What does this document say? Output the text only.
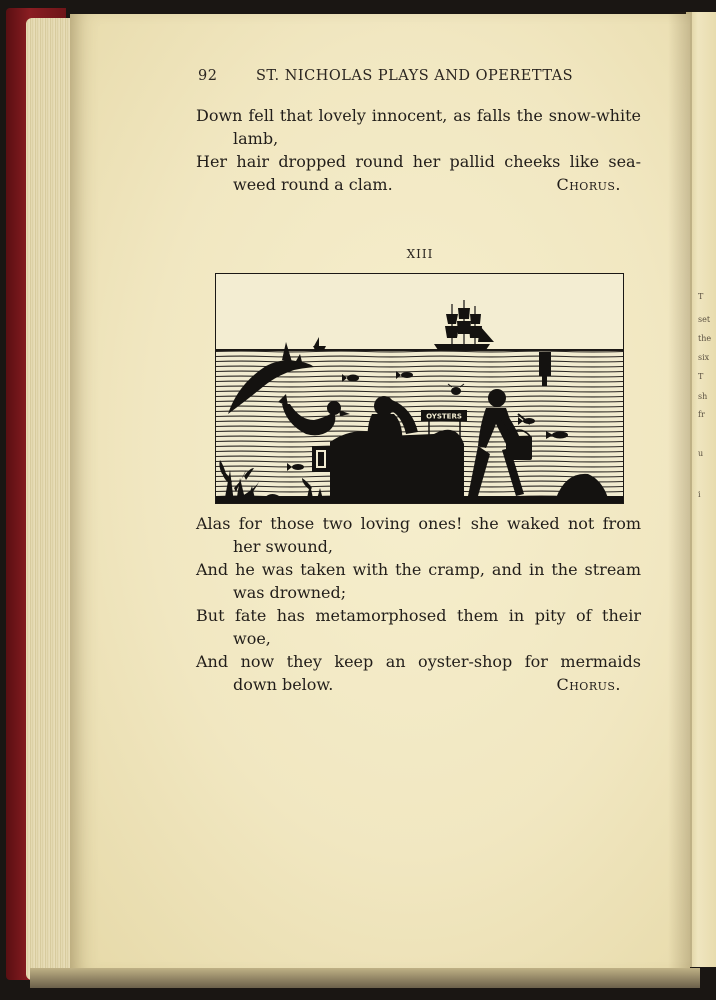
T
set
the
six
T
sh
fr
u
i
92	ST. NICHOLAS PLAYS AND OPERETTAS
Down fell that lovely innocent, as falls the snow-white
lamb,
Her hair dropped round her pallid cheeks like sea-
weed round a clam.	Chorus.
XIII
OYSTERS
Alas for those two loving ones! she waked not from
her swound,
And he was taken with the cramp, and in the stream
was drowned;
But fate has metamorphosed them in pity of their
woe,
And now they keep an oyster-shop for mermaids
down below.	Chorus.
